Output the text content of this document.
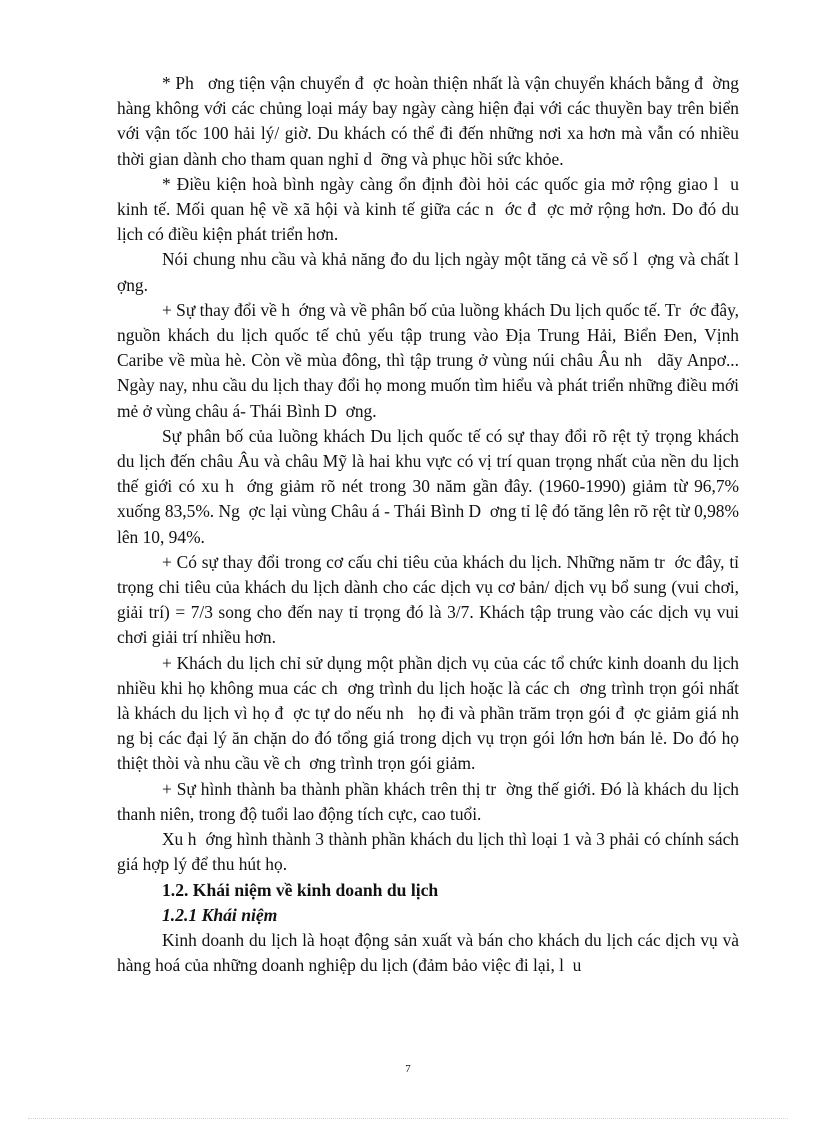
* Ph   ơng tiện vận chuyển đ  ợc hoàn thiện nhất là vận chuyển khách bằng đ  ờng hàng không với các chủng loại máy bay ngày càng hiện đại với các thuyền bay trên biển với vận tốc 100 hải lý/ giờ. Du khách có thể đi đến những nơi xa hơn mà vẫn có nhiều thời gian dành cho tham quan nghỉ d  ỡng và phục hồi sức khỏe.

* Điều kiện hoà bình ngày càng ổn định đòi hỏi các quốc gia mở rộng giao l  u kinh tế. Mối quan hệ về xã hội và kinh tế giữa các n  ớc đ  ợc mở rộng hơn. Do đó du lịch có điều kiện phát triển hơn.

Nói chung nhu cầu và khả năng đo du lịch ngày một tăng cả về số l  ợng và chất l  ợng.

+ Sự thay đổi về h  ớng và về phân bố của luồng khách Du lịch quốc tế. Tr  ớc đây, nguồn khách du lịch quốc tế chủ yếu tập trung vào Địa Trung Hải, Biển Đen, Vịnh Caribe về mùa hè. Còn về mùa đông, thì tập trung ở vùng núi châu Âu nh   dãy Anpơ... Ngày nay, nhu cầu du lịch thay đổi họ mong muốn tìm hiểu và phát triển những điều mới mẻ ở vùng châu á- Thái Bình D  ơng.

Sự phân bố của luồng khách Du lịch quốc tế có sự thay đổi rõ rệt tỷ trọng khách du lịch đến châu Âu và châu Mỹ là hai khu vực có vị trí quan trọng nhất của nền du lịch thế giới có xu h  ớng giảm rõ nét trong 30 năm gần đây. (1960-1990) giảm từ 96,7% xuống 83,5%. Ng  ợc lại vùng Châu á - Thái Bình D  ơng tỉ lệ đó tăng lên rõ rệt từ 0,98% lên 10, 94%.

+ Có sự thay đổi trong cơ cấu chi tiêu của khách du lịch. Những năm tr  ớc đây, tỉ trọng chi tiêu của khách du lịch dành cho các dịch vụ cơ bản/ dịch vụ bổ sung (vui chơi, giải trí) = 7/3 song cho đến nay tỉ trọng đó là 3/7. Khách tập trung vào các dịch vụ vui chơi giải trí nhiều hơn.

+ Khách du lịch chỉ sử dụng một phần dịch vụ của các tổ chức kinh doanh du lịch nhiều khi họ không mua các ch  ơng trình du lịch hoặc là các ch  ơng trình trọn gói nhất là khách du lịch vì họ đ  ợc tự do nếu nh   họ đi và phần trăm trọn gói đ  ợc giảm giá nh  ng bị các đại lý ăn chặn do đó tổng giá trong dịch vụ trọn gói lớn hơn bán lẻ. Do đó họ thiệt thòi và nhu cầu về ch  ơng trình trọn gói giảm.

+ Sự hình thành ba thành phần khách trên thị tr  ờng thế giới. Đó là khách du lịch thanh niên, trong độ tuổi lao động tích cực, cao tuổi.

Xu h  ớng hình thành 3 thành phần khách du lịch thì loại 1 và 3 phải có chính sách giá hợp lý để thu hút họ.

1.2. Khái niệm về kinh doanh du lịch

1.2.1 Khái niệm

Kinh doanh du lịch là hoạt động sản xuất và bán cho khách du lịch các dịch vụ và hàng hoá của những doanh nghiệp du lịch (đảm bảo việc đi lại, l  u

7
